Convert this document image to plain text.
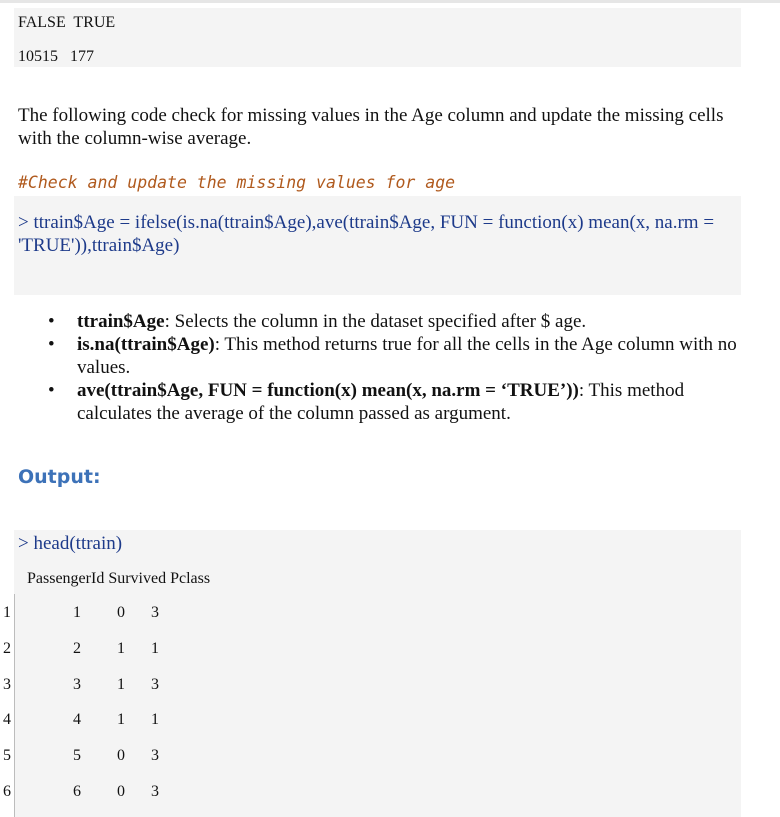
FALSE  TRUE
10515   177
The following code check for missing values in the Age column and update the missing cells with the column-wise average.
#Check and update the missing values for age
> ttrain$Age = ifelse(is.na(ttrain$Age),ave(ttrain$Age, FUN = function(x) mean(x, na.rm = 'TRUE')),ttrain$Age)
• ttrain$Age: Selects the column in the dataset specified after $ age.
• is.na(ttrain$Age): This method returns true for all the cells in the Age column with no values.
• ave(ttrain$Age, FUN = function(x) mean(x, na.rm = ‘TRUE’)): This method calculates the average of the column passed as argument.
Output:
> head(ttrain)
PassengerId Survived Pclass
1	1 0 3
2	2 1 1
3	3 1 3
4	4 1 1
5	5 0 3
6	6 0 3
